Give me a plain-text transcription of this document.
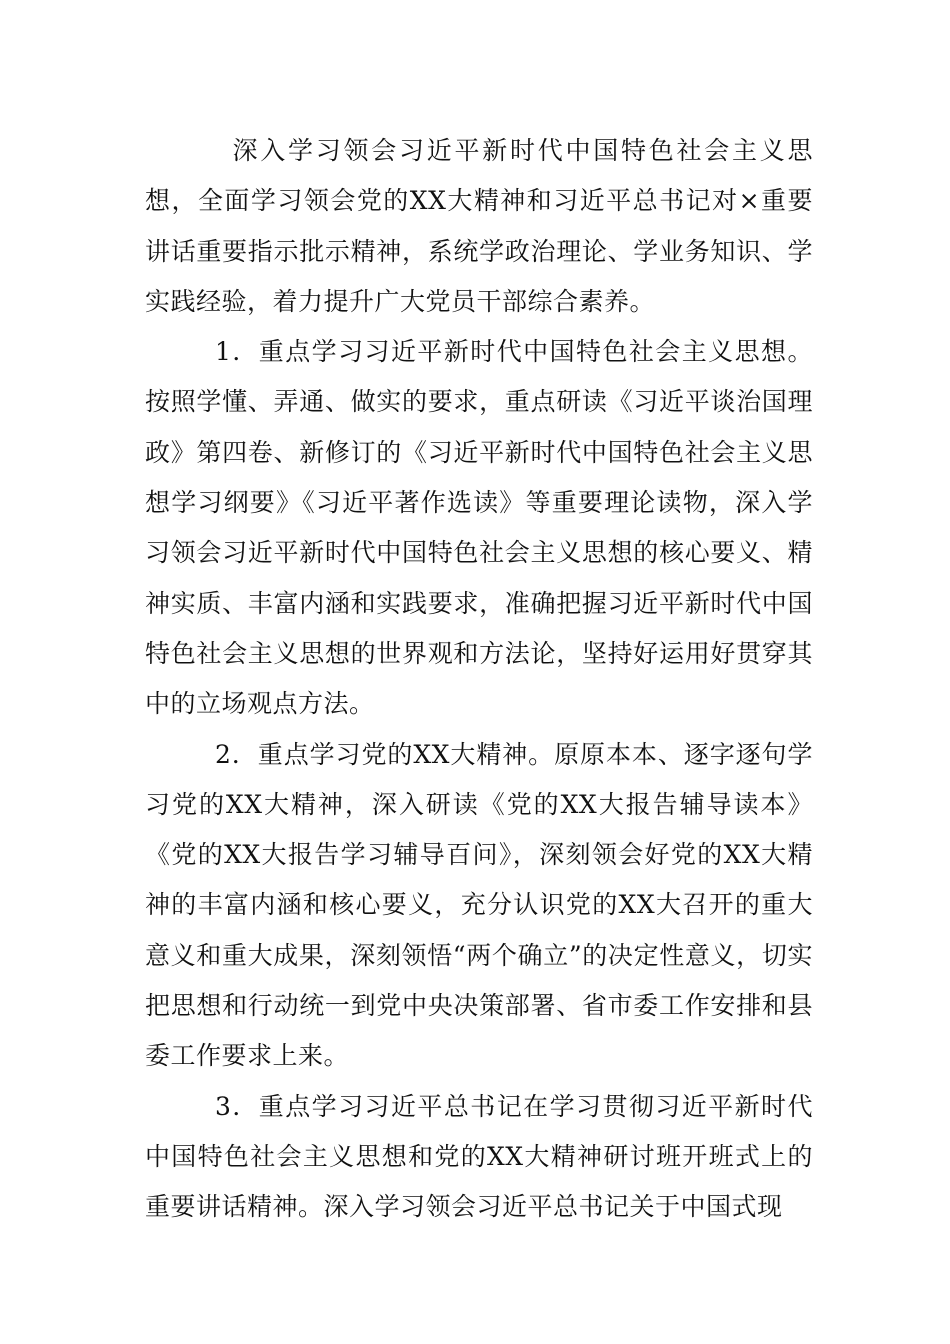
深入学习领会习近平新时代中国特色社会主义思想，全面学习领会党的XX大精神和习近平总书记对×重要讲话重要指示批示精神，系统学政治理论、学业务知识、学实践经验，着力提升广大党员干部综合素养。

1．重点学习习近平新时代中国特色社会主义思想。按照学懂、弄通、做实的要求，重点研读《习近平谈治国理政》第四卷、新修订的《习近平新时代中国特色社会主义思想学习纲要》《习近平著作选读》等重要理论读物，深入学习领会习近平新时代中国特色社会主义思想的核心要义、精神实质、丰富内涵和实践要求，准确把握习近平新时代中国特色社会主义思想的世界观和方法论，坚持好运用好贯穿其中的立场观点方法。

2．重点学习党的XX大精神。原原本本、逐字逐句学习党的XX大精神，深入研读《党的XX大报告辅导读本》《党的XX大报告学习辅导百问》，深刻领会好党的XX大精神的丰富内涵和核心要义，充分认识党的XX大召开的重大意义和重大成果，深刻领悟“两个确立”的决定性意义，切实把思想和行动统一到党中央决策部署、省市委工作安排和县委工作要求上来。

3．重点学习习近平总书记在学习贯彻习近平新时代中国特色社会主义思想和党的XX大精神研讨班开班式上的重要讲话精神。深入学习领会习近平总书记关于中国式现
